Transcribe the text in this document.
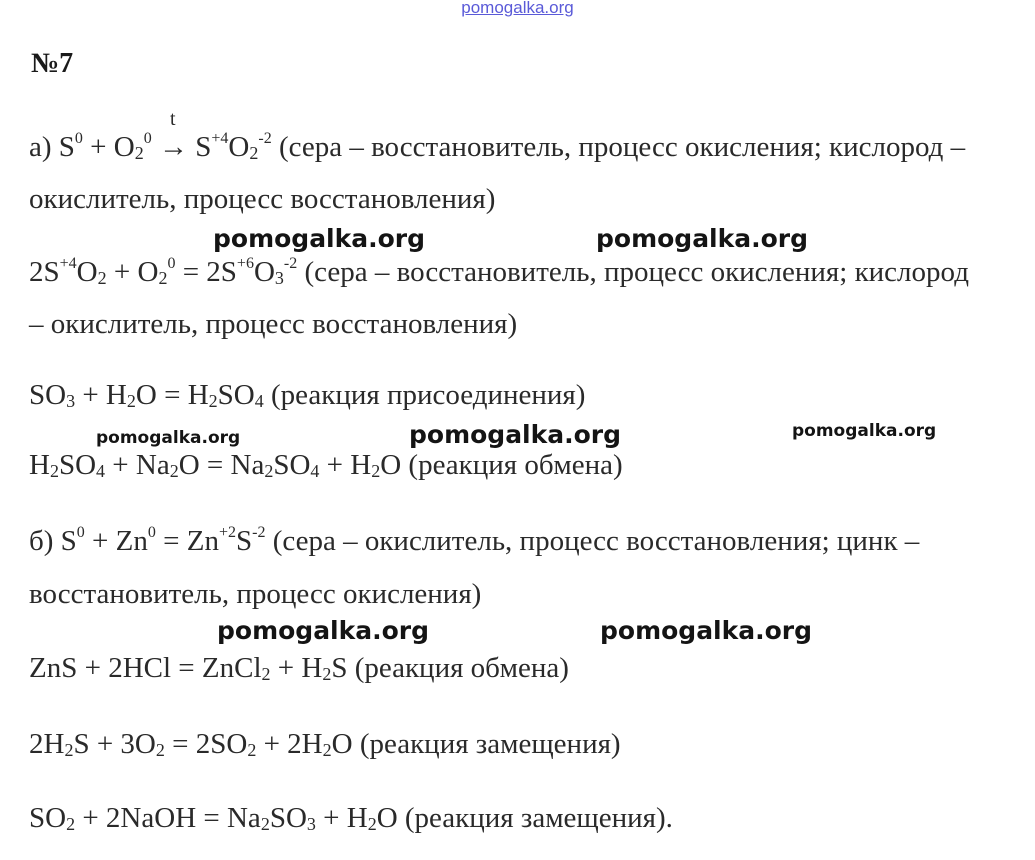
pomogalka.org
№7
а) $S^0 + O_2^0$
t
→ $S^{+4}O_2^{-2}$ (сера – восстановитель, процесс окисления; кислород –
окислитель, процесс восстановления)
$2S^{+4}O_2 + O_2^0 = 2S^{+6}O_3^{-2}$ (сера – восстановитель, процесс окисления; кислород
– окислитель, процесс восстановления)
$SO_3 + H_2O = H_2SO_4$ (реакция присоединения)
$H_2SO_4 + Na_2O = Na_2SO_4 + H_2O$ (реакция обмена)
б) $S^0 + Zn^0 = Zn^{+2}S^{-2}$ (сера – окислитель, процесс восстановления; цинк –
восстановитель, процесс окисления)
ZnS + 2HCl = ZnCl$_2$ + $H_2S$ (реакция обмена)
$2H_2S + 3O_2 = 2SO_2 + 2H_2O$ (реакция замещения)
$SO_2$ + 2NaOH = $Na_2SO_3 + H_2O$ (реакция замещения).
pomogalka.org	pomogalka.org
pomogalka.org	pomogalka.org	pomogalka.org
pomogalka.org	pomogalka.org
